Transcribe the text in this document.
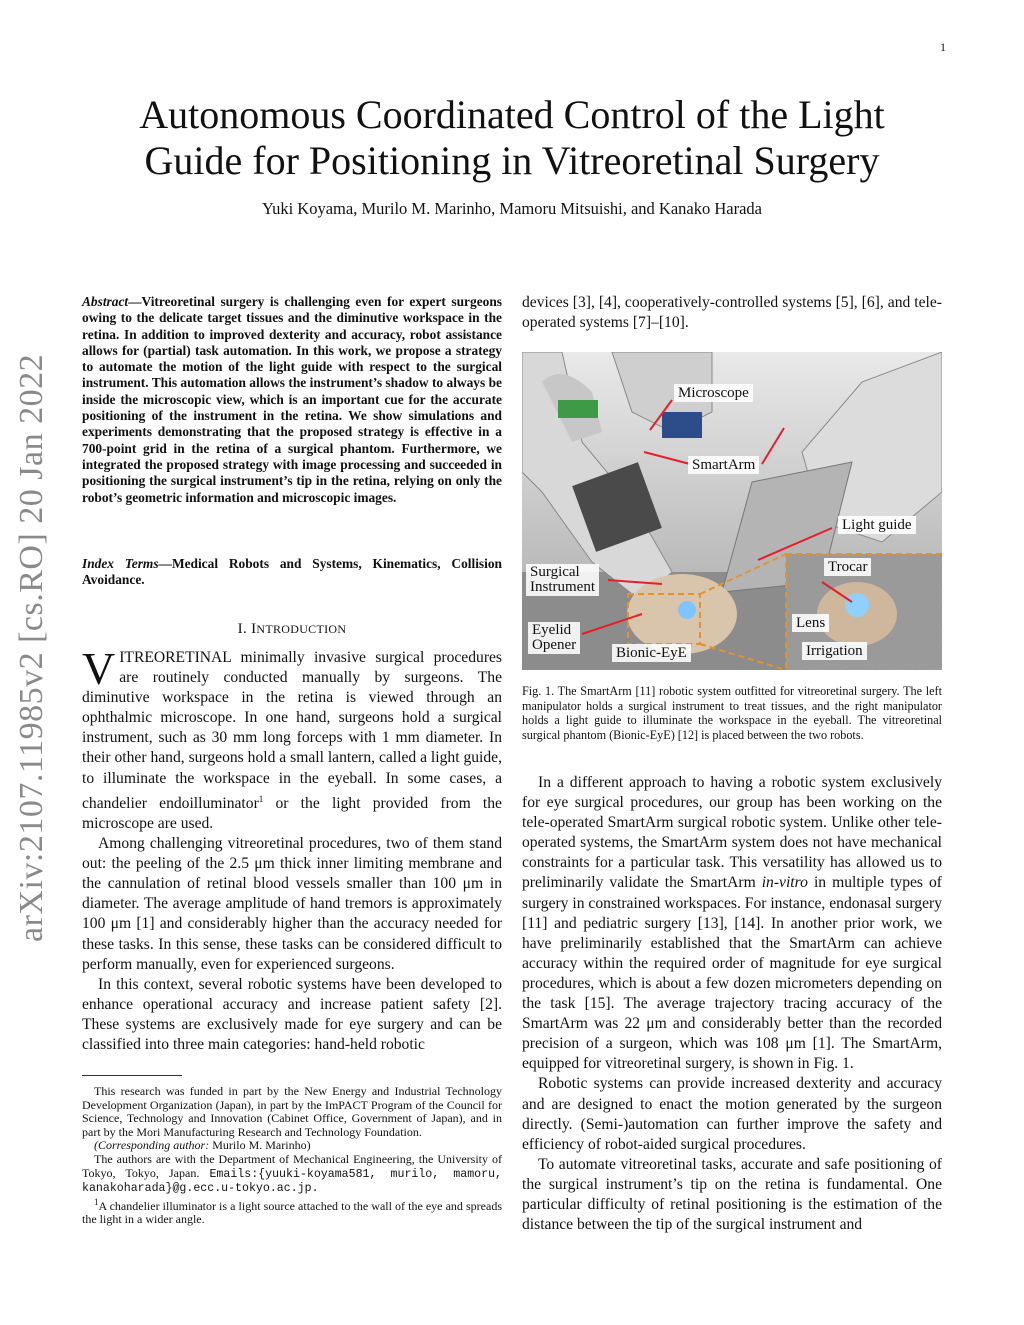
1
arXiv:2107.11985v2 [cs.RO] 20 Jan 2022
Autonomous Coordinated Control of the Light
Guide for Positioning in Vitreoretinal Surgery
Yuki Koyama, Murilo M. Marinho, Mamoru Mitsuishi, and Kanako Harada
Abstract—Vitreoretinal surgery is challenging even for expert surgeons owing to the delicate target tissues and the diminutive workspace in the retina. In addition to improved dexterity and accuracy, robot assistance allows for (partial) task automation. In this work, we propose a strategy to automate the motion of the light guide with respect to the surgical instrument. This automation allows the instrument’s shadow to always be inside the microscopic view, which is an important cue for the accurate positioning of the instrument in the retina. We show simulations and experiments demonstrating that the proposed strategy is effective in a 700-point grid in the retina of a surgical phantom. Furthermore, we integrated the proposed strategy with image processing and succeeded in positioning the surgical instrument’s tip in the retina, relying on only the robot’s geometric information and microscopic images.
Index Terms—Medical Robots and Systems, Kinematics, Collision Avoidance.
I. INTRODUCTION

VITREORETINAL minimally invasive surgical procedures are routinely conducted manually by surgeons. The diminutive workspace in the retina is viewed through an ophthalmic microscope. In one hand, surgeons hold a surgical instrument, such as 30 mm long forceps with 1 mm diameter. In their other hand, surgeons hold a small lantern, called a light guide, to illuminate the workspace in the eyeball. In some cases, a chandelier endoilluminator$^1$ or the light provided from the microscope are used.

Among challenging vitreoretinal procedures, two of them stand out: the peeling of the 2.5 μm thick inner limiting membrane and the cannulation of retinal blood vessels smaller than 100 μm in diameter. The average amplitude of hand tremors is approximately 100 μm [1] and considerably higher than the accuracy needed for these tasks. In this sense, these tasks can be considered difficult to perform manually, even for experienced surgeons.

In this context, several robotic systems have been developed to enhance operational accuracy and increase patient safety [2]. These systems are exclusively made for eye surgery and can be classified into three main categories: hand-held robotic

This research was funded in part by the New Energy and Industrial Technology Development Organization (Japan), in part by the ImPACT Program of the Council for Science, Technology and Innovation (Cabinet Office, Government of Japan), and in part by the Mori Manufacturing Research and Technology Foundation.

(Corresponding author: Murilo M. Marinho)

The authors are with the Department of Mechanical Engineering, the University of Tokyo, Tokyo, Japan. Emails:{yuuki-koyama581, murilo, mamoru, kanakoharada}@g.ecc.u-tokyo.ac.jp.

$^1$A chandelier illuminator is a light source attached to the wall of the eye and spreads the light in a wider angle.

devices [3], [4], cooperatively-controlled systems [5], [6], and tele-operated systems [7]–[10].
Microscope
SmartArm
Light guide
Trocar
Surgical
Instrument
Lens
Eyelid
Opener	Bionic-EyE	Irrigation
Fig. 1. The SmartArm [11] robotic system outfitted for vitreoretinal surgery. The left manipulator holds a surgical instrument to treat tissues, and the right manipulator holds a light guide to illuminate the workspace in the eyeball. The vitreoretinal surgical phantom (Bionic-EyE) [12] is placed between the two robots.

In a different approach to having a robotic system exclusively for eye surgical procedures, our group has been working on the tele-operated SmartArm surgical robotic system. Unlike other tele-operated systems, the SmartArm system does not have mechanical constraints for a particular task. This versatility has allowed us to preliminarily validate the SmartArm in-vitro in multiple types of surgery in constrained workspaces. For instance, endonasal surgery [11] and pediatric surgery [13], [14]. In another prior work, we have preliminarily established that the SmartArm can achieve accuracy within the required order of magnitude for eye surgical procedures, which is about a few dozen micrometers depending on the task [15]. The average trajectory tracing accuracy of the SmartArm was 22 μm and considerably better than the recorded precision of a surgeon, which was 108 μm [1]. The SmartArm, equipped for vitreoretinal surgery, is shown in Fig. 1.

Robotic systems can provide increased dexterity and accuracy and are designed to enact the motion generated by the surgeon directly. (Semi-)automation can further improve the safety and efficiency of robot-aided surgical procedures.

To automate vitreoretinal tasks, accurate and safe positioning of the surgical instrument’s tip on the retina is fundamental. One particular difficulty of retinal positioning is the estimation of the distance between the tip of the surgical instrument and
